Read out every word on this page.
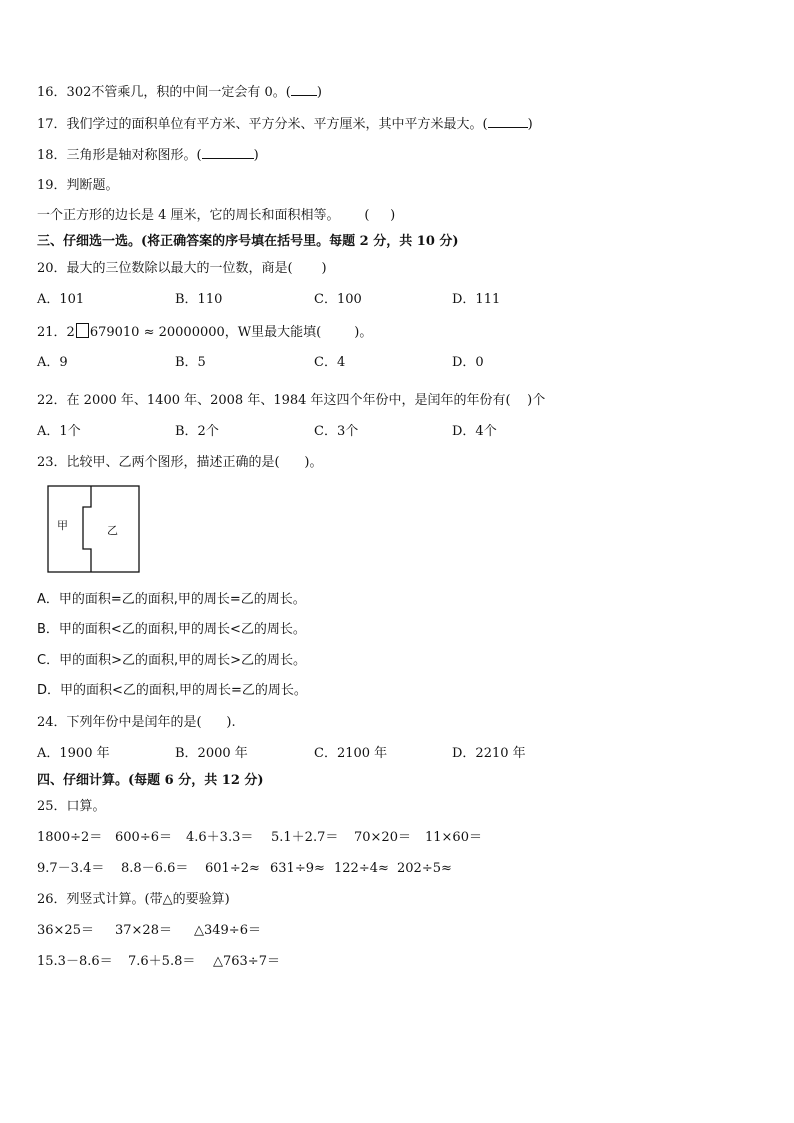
16．302不管乘几，积的中间一定会有 0。( )
17．我们学过的面积单位有平方米、平方分米、平方厘米，其中平方米最大。(	)
18．三角形是轴对称图形。(	)
19．判断题。
一个正方形的边长是 4 厘米，它的周长和面积相等。      (     )
三、仔细选一选。(将正确答案的序号填在括号里。每题 2 分，共 10 分)
20．最大的三位数除以最大的一位数，商是(       )
A．101	B．110	C．100	D．111
21．2 679010 ≈ 20000000，W里最大能填(        )。
A．9	B．5	C．4	D．0
22．在 2000 年、1400 年、2008 年、1984 年这四个年份中，是闰年的年份有(    )个
A．1个	B．2个	C．3个	D．4个
23．比较甲、乙两个图形，描述正确的是(      )。
甲	乙
A．甲的面积=乙的面积,甲的周长=乙的周长。
B．甲的面积<乙的面积,甲的周长<乙的周长。
C．甲的面积>乙的面积,甲的周长>乙的周长。
D．甲的面积<乙的面积,甲的周长=乙的周长。
24．下列年份中是闰年的是(      ).
A．1900 年	B．2000 年	C．2100 年	D．2210 年
四、仔细计算。(每题 6 分，共 12 分)
25．口算。
1800÷2＝ 600÷6＝ 4.6＋3.3＝ 5.1＋2.7＝ 70×20＝ 11×60＝
9.7－3.4＝ 8.8－6.6＝ 601÷2≈ 631÷9≈ 122÷4≈ 202÷5≈
26．列竖式计算。(带△的要验算)
36×25＝ 37×28＝ △349÷6＝
15.3－8.6＝ 7.6＋5.8＝ △763÷7＝
